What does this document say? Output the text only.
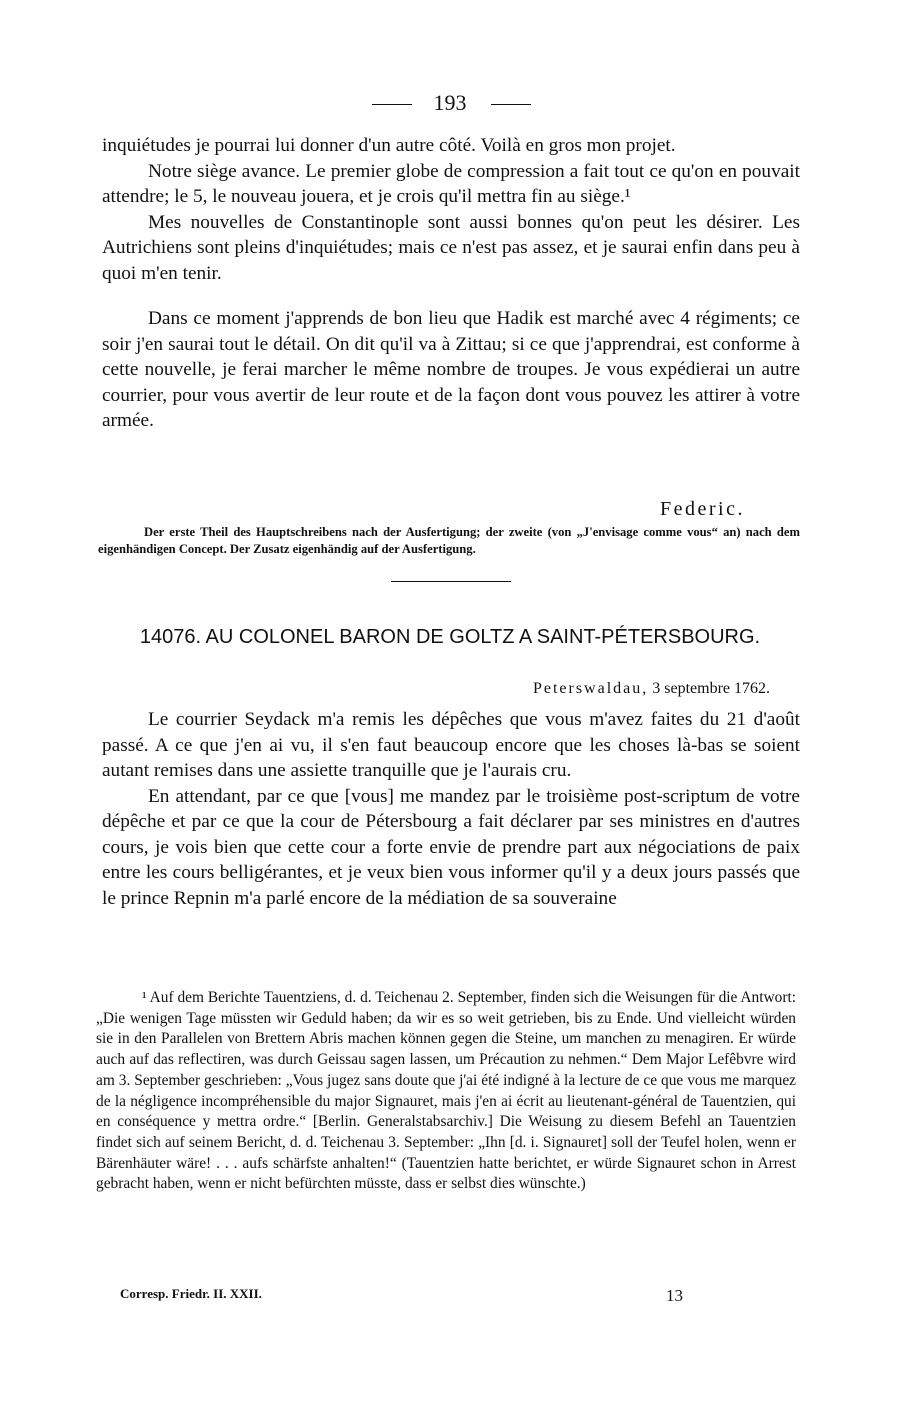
193

inquiétudes je pourrai lui donner d'un autre côté. Voilà en gros mon projet.

Notre siège avance. Le premier globe de compression a fait tout ce qu'on en pouvait attendre; le 5, le nouveau jouera, et je crois qu'il mettra fin au siège.¹

Mes nouvelles de Constantinople sont aussi bonnes qu'on peut les désirer. Les Autrichiens sont pleins d'inquiétudes; mais ce n'est pas assez, et je saurai enfin dans peu à quoi m'en tenir.

Dans ce moment j'apprends de bon lieu que Hadik est marché avec 4 régiments; ce soir j'en saurai tout le détail. On dit qu'il va à Zittau; si ce que j'apprendrai, est conforme à cette nouvelle, je ferai marcher le même nombre de troupes. Je vous expédierai un autre courrier, pour vous avertir de leur route et de la façon dont vous pouvez les attirer à votre armée.

Federic.

Der erste Theil des Hauptschreibens nach der Ausfertigung; der zweite (von „J'envisage comme vous“ an) nach dem eigenhändigen Concept. Der Zusatz eigenhändig auf der Ausfertigung.

14076. AU COLONEL BARON DE GOLTZ A SAINT-PÉTERSBOURG.
Peterswaldau, 3 septembre 1762.

Le courrier Seydack m'a remis les dépêches que vous m'avez faites du 21 d'août passé. A ce que j'en ai vu, il s'en faut beaucoup encore que les choses là-bas se soient autant remises dans une assiette tranquille que je l'aurais cru.

En attendant, par ce que [vous] me mandez par le troisième post-scriptum de votre dépêche et par ce que la cour de Pétersbourg a fait déclarer par ses ministres en d'autres cours, je vois bien que cette cour a forte envie de prendre part aux négociations de paix entre les cours belligérantes, et je veux bien vous informer qu'il y a deux jours passés que le prince Repnin m'a parlé encore de la médiation de sa souveraine

¹ Auf dem Berichte Tauentziens, d. d. Teichenau 2. September, finden sich die Weisungen für die Antwort: „Die wenigen Tage müssten wir Geduld haben; da wir es so weit getrieben, bis zu Ende. Und vielleicht würden sie in den Parallelen von Brettern Abris machen können gegen die Steine, um manchen zu menagiren. Er würde auch auf das reflectiren, was durch Geissau sagen lassen, um Précaution zu nehmen.“ Dem Major Lefêbvre wird am 3. September geschrieben: „Vous jugez sans doute que j'ai été indigné à la lecture de ce que vous me marquez de la négligence incompréhensible du major Signauret, mais j'en ai écrit au lieutenant-général de Tauentzien, qui en conséquence y mettra ordre.“ [Berlin. Generalstabsarchiv.] Die Weisung zu diesem Befehl an Tauentzien findet sich auf seinem Bericht, d. d. Teichenau 3. September: „Ihn [d. i. Signauret] soll der Teufel holen, wenn er Bärenhäuter wäre! . . . aufs schärfste anhalten!“ (Tauentzien hatte berichtet, er würde Signauret schon in Arrest gebracht haben, wenn er nicht befürchten müsste, dass er selbst dies wünschte.)

Corresp. Friedr. II. XXII.	13
